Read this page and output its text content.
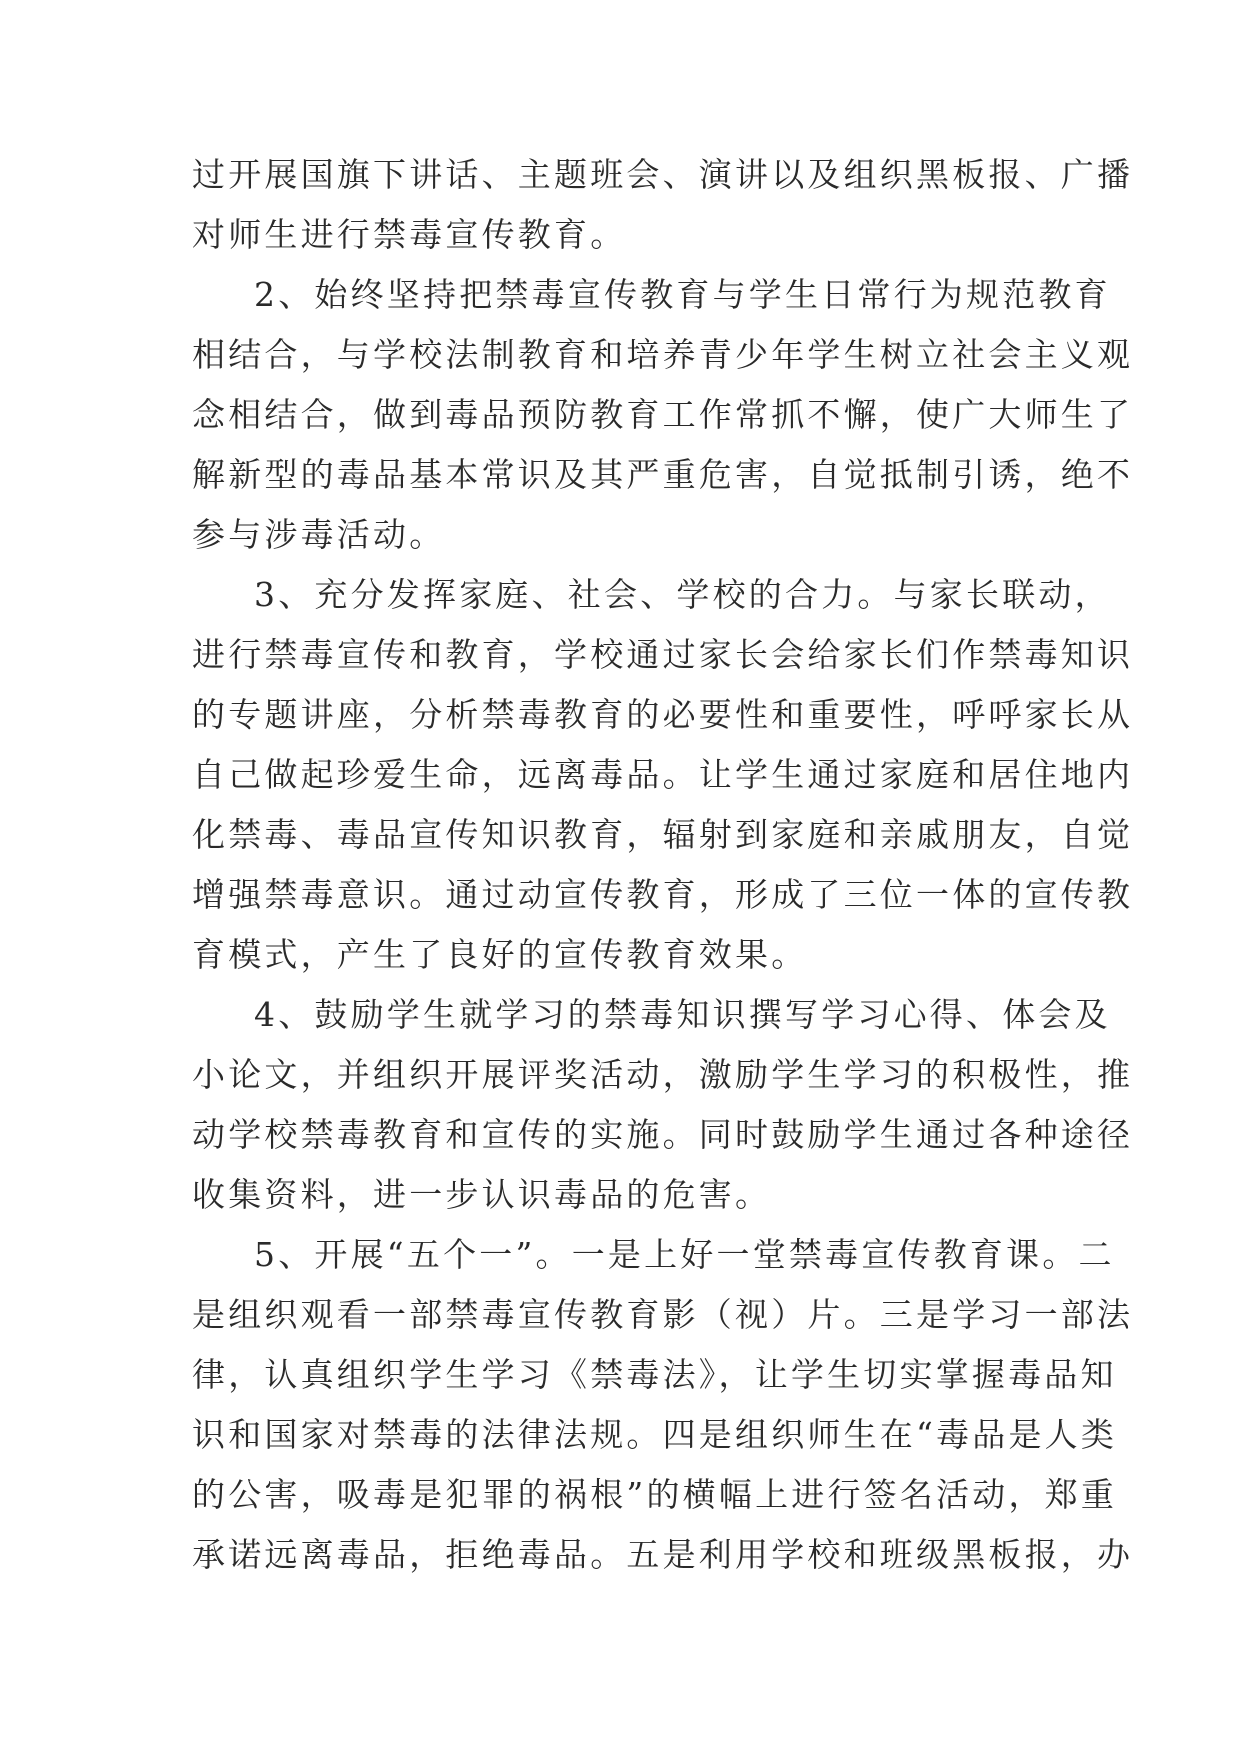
过开展国旗下讲话、主题班会、演讲以及组织黑板报、广播
对师生进行禁毒宣传教育。
2、始终坚持把禁毒宣传教育与学生日常行为规范教育
相结合，与学校法制教育和培养青少年学生树立社会主义观
念相结合，做到毒品预防教育工作常抓不懈，使广大师生了
解新型的毒品基本常识及其严重危害，自觉抵制引诱，绝不
参与涉毒活动。
3、充分发挥家庭、社会、学校的合力。与家长联动，
进行禁毒宣传和教育，学校通过家长会给家长们作禁毒知识
的专题讲座，分析禁毒教育的必要性和重要性，呼呼家长从
自己做起珍爱生命，远离毒品。让学生通过家庭和居住地内
化禁毒、毒品宣传知识教育，辐射到家庭和亲戚朋友，自觉
增强禁毒意识。通过动宣传教育，形成了三位一体的宣传教
育模式，产生了良好的宣传教育效果。
4、鼓励学生就学习的禁毒知识撰写学习心得、体会及
小论文，并组织开展评奖活动，激励学生学习的积极性，推
动学校禁毒教育和宣传的实施。同时鼓励学生通过各种途径
收集资料，进一步认识毒品的危害。
5、开展“五个一”。一是上好一堂禁毒宣传教育课。二
是组织观看一部禁毒宣传教育影（视）片。三是学习一部法
律，认真组织学生学习《禁毒法》，让学生切实掌握毒品知
识和国家对禁毒的法律法规。四是组织师生在“毒品是人类
的公害，吸毒是犯罪的祸根”的横幅上进行签名活动，郑重
承诺远离毒品，拒绝毒品。五是利用学校和班级黑板报，办
